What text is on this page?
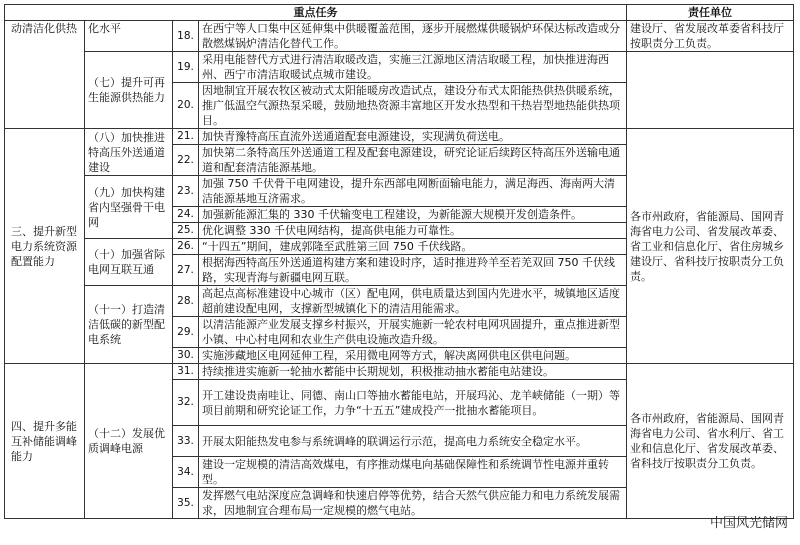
重点任务				责任单位
动清洁化供热	化水平	18.	在西宁等人口集中区延伸集中供暖覆盖范围，逐步开展燃煤供暖锅炉环保达标改造或分散燃煤锅炉清洁化替代工作。	建设厅、省发展改革委省科技厅按职责分工负责。
	（七）提升可再生能源供热能力	19.	采用电能替代方式进行清洁取暖改造，实施三江源地区清洁取暖工程，加快推进海西州、西宁市清洁取暖试点城市建设。	
		20.	因地制宜开展农牧区被动式太阳能暖房改造试点，建设分布式太阳能热供热供暖系统，推广低温空气源热泵采暖，鼓励地热资源丰富地区开发水热型和干热岩型地热能供热项目。	
三、提升新型电力系统资源配置能力	（八）加快推进特高压外送通道建设	21.	加快青豫特高压直流外送通道配套电源建设，实现满负荷送电。	各市州政府，省能源局、国网青海省电力公司、省发展改革委、省工业和信息化厅、省住房城乡建设厅、省科技厅按职责分工负责。
		22.	加快第二条特高压外送通道工程及配套电源建设，研究论证后续跨区特高压外送输电通道和配套清洁能源基地。	
	（九）加快构建省内坚强骨干电网	23.	加强 750 千伏骨干电网建设，提升东西部电网断面输电能力，满足海西、海南两大清洁能源基地互济需求。	
		24.	加强新能源汇集的 330 千伏输变电工程建设，为新能源大规模开发创造条件。	
		25.	优化调整 330 千伏电网结构，提高供电能力可靠性。	
	（十）加强省际电网互联互通	26.	“十四五”期间，建成郭隆至武胜第三回 750 千伏线路。	
		27.	根据海西特高压外送通道构建方案和建设时序，适时推进羚羊至若羌双回 750 千伏线路，实现青海与新疆电网互联。	
	（十一）打造清洁低碳的新型配电系统	28.	高起点高标准建设中心城市（区）配电网，供电质量达到国内先进水平，城镇地区适度超前建设配电网，支撑新型城镇化下的清洁用能需求。	
		29.	以清洁能源产业发展支撑乡村振兴，开展实施新一轮农村电网巩固提升，重点推进新型小镇、中心村电网和农业生产供电设施改造升级。	
		30.	实施涉藏地区电网延伸工程，采用微电网等方式，解决离网供电区供电问题。	
四、提升多能互补储能调峰能力	（十二）发展优质调峰电源	31.	持续推进实施新一轮抽水蓄能中长期规划，积极推动抽水蓄能电站建设。	各市州政府，省能源局、国网青海省电力公司、省水利厅、省工业和信息化厅、省发展改革委、省科技厅按职责分工负责。
		32.	开工建设贵南哇让、同德、南山口等抽水蓄能电站，开展玛沁、龙羊峡储能（一期）等项目前期和研究论证工作，力争“十五五”建成投产一批抽水蓄能项目。	
		33.	开展太阳能热发电参与系统调峰的联调运行示范，提高电力系统安全稳定水平。	
		34.	建设一定规模的清洁高效煤电，有序推动煤电向基础保障性和系统调节性电源并重转型。	
		35.	发挥燃气电站深度应急调峰和快速启停等优势，结合天然气供应能力和电力系统发展需求，因地制宜合理布局一定规模的燃气电站。	
中国风光储网
